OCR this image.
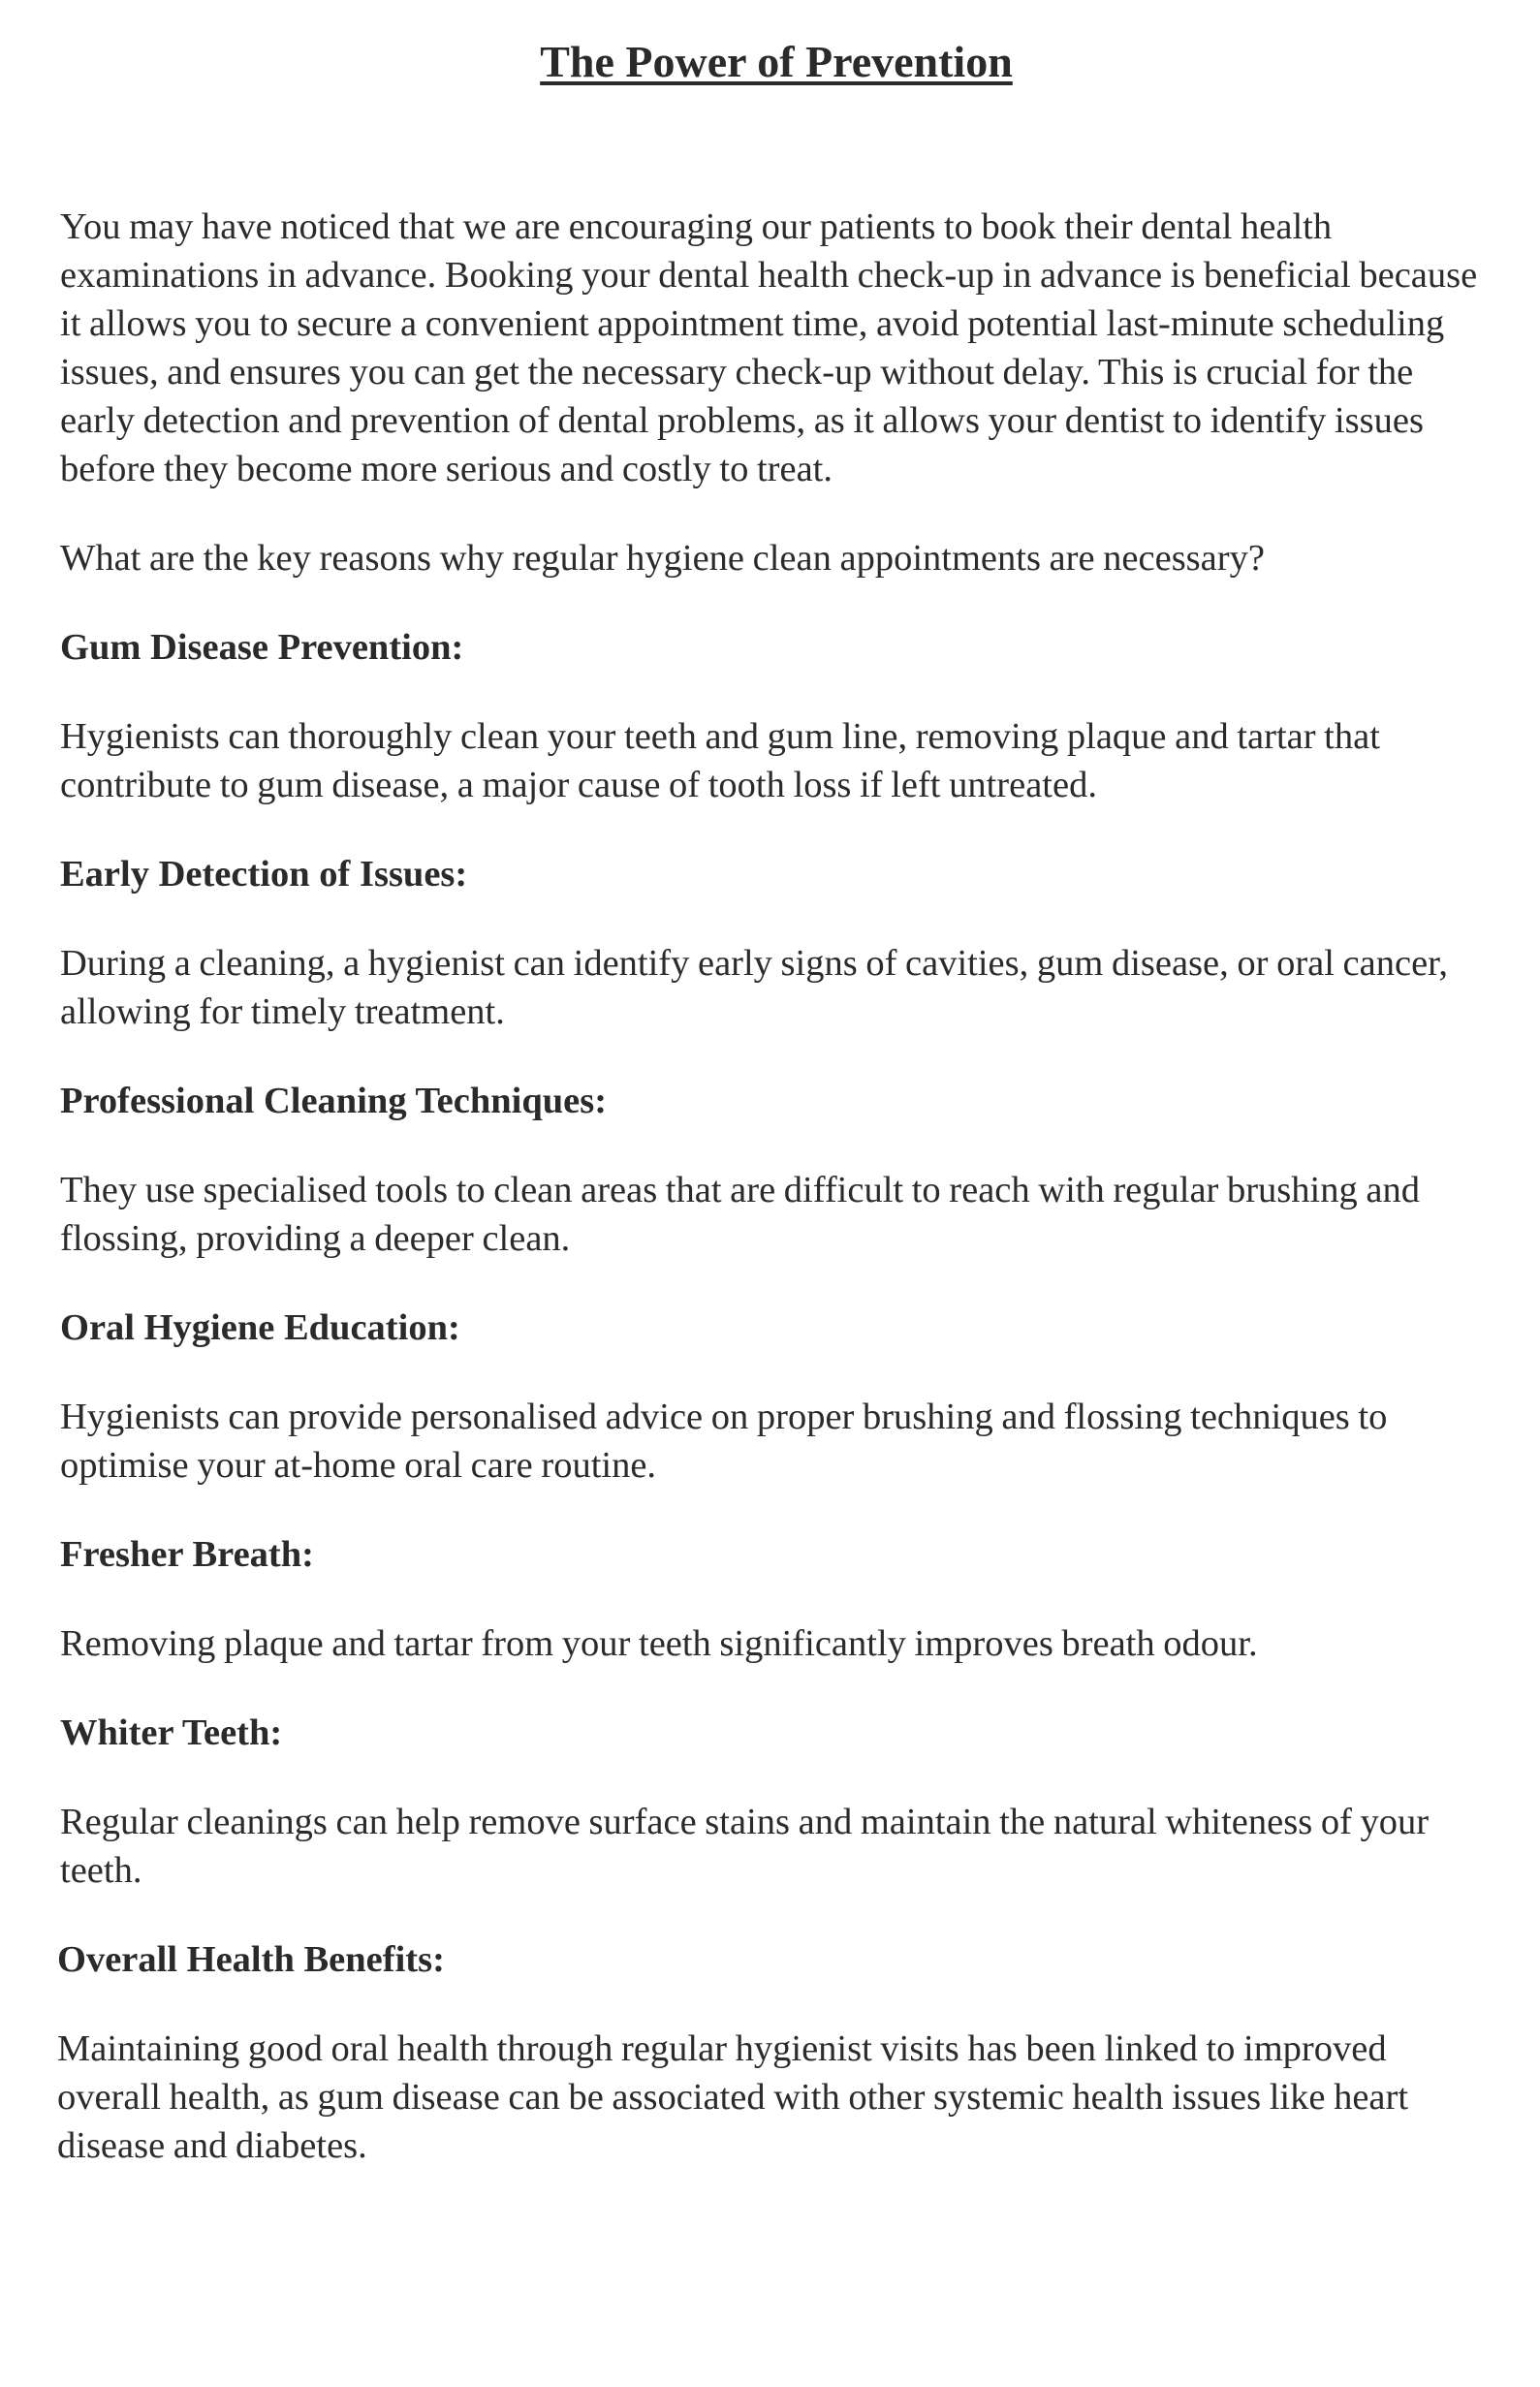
The Power of Prevention

You may have noticed that we are encouraging our patients to book their dental health examinations in advance. Booking your dental health check-up in advance is beneficial because it allows you to secure a convenient appointment time, avoid potential last-minute scheduling issues, and ensures you can get the necessary check-up without delay. This is crucial for the early detection and prevention of dental problems, as it allows your dentist to identify issues before they become more serious and costly to treat.

What are the key reasons why regular hygiene clean appointments are necessary?

Gum Disease Prevention:

Hygienists can thoroughly clean your teeth and gum line, removing plaque and tartar that contribute to gum disease, a major cause of tooth loss if left untreated.

Early Detection of Issues:

During a cleaning, a hygienist can identify early signs of cavities, gum disease, or oral cancer, allowing for timely treatment.

Professional Cleaning Techniques:

They use specialised tools to clean areas that are difficult to reach with regular brushing and flossing, providing a deeper clean.

Oral Hygiene Education:

Hygienists can provide personalised advice on proper brushing and flossing techniques to optimise your at-home oral care routine.

Fresher Breath:

Removing plaque and tartar from your teeth significantly improves breath odour.

Whiter Teeth:

Regular cleanings can help remove surface stains and maintain the natural whiteness of your teeth.

Overall Health Benefits:

Maintaining good oral health through regular hygienist visits has been linked to improved overall health, as gum disease can be associated with other systemic health issues like heart disease and diabetes.
